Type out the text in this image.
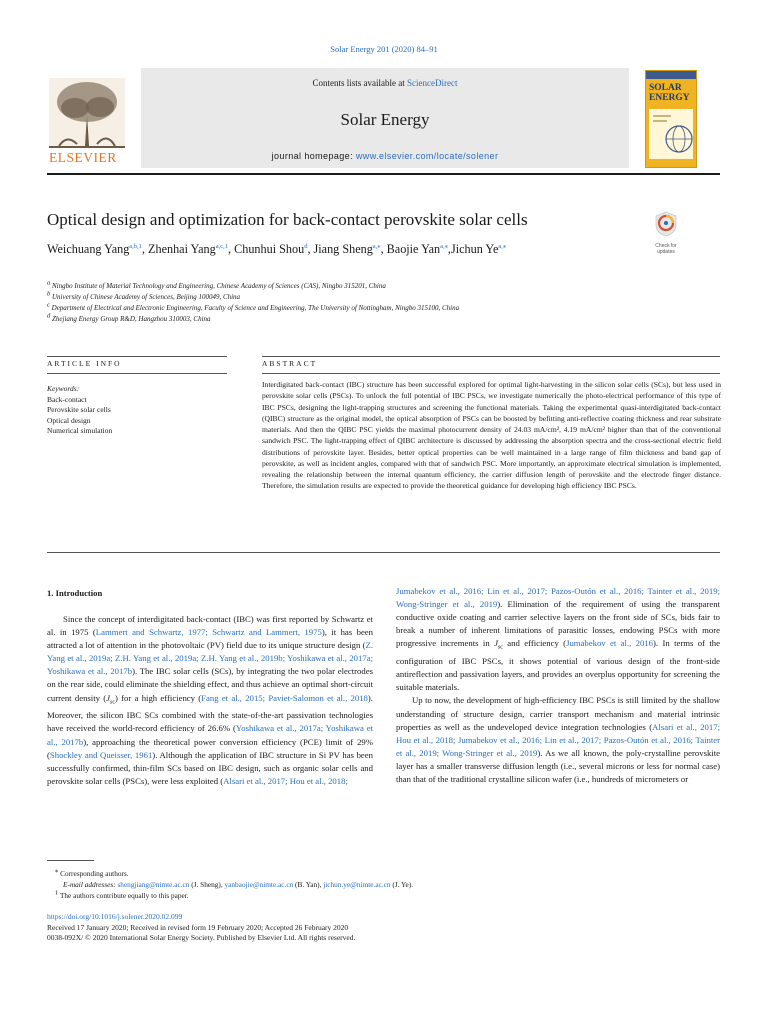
Solar Energy 201 (2020) 84–91
ELSEVIER
Contents lists available at ScienceDirect
Solar Energy
journal homepage: www.elsevier.com/locate/solener
SOLAR
ENERGY
Optical design and optimization for back-contact perovskite solar cells
Check for updates
Weichuang Yang$^{a,b,1}$, Zhenhai Yang$^{a,c,1}$, Chunhui Shou$^d$, Jiang Sheng$^{a,⁎}$, Baojie Yan$^{a,⁎}$,Jichun $Ye^{a,⁎}$
$^a$ Ningbo Institute of Material Technology and Engineering, Chinese Academy of Sciences (CAS), Ningbo 315201, China
$^b$ University of Chinese Academy of Sciences, Beijing 100049, China
$^c$ Department of Electrical and Electronic Engineering, Faculty of Science and Engineering, The University of Nottingham, Ningbo 315100, China
$^d$ Zhejiang Energy Group R&D, Hangzhou 310003, China
ARTICLE INFO	ABSTRACT
Keywords:
Back-contact
Perovskite solar cells
Optical design
Numerical simulation
Interdigitated back-contact (IBC) structure has been successful explored for optimal light-harvesting in the silicon solar cells (SCs), but less used in perovskite solar cells (PSCs). To unlock the full potential of IBC PSCs, we investigate numerically the photo-electrical performance of this type of IBC PSCs, designing the light-trapping structures and screening the functional materials. Taking the experimental quasi-interdigitated back-contact (QIBC) structure as the original model, the optical absorption of PSCs can be boosted by befitting anti-reflective coating thickness and rear substrate materials. And then the QIBC PSC yields the maximal photocurrent density of 24.03 mA/cm², 4.19 mA/cm² higher than that of the conventional sandwich PSC. The light-trapping effect of QIBC architecture is discussed by addressing the absorption spectra and the cross-sectional electric field distributions of perovskite layer. Besides, better optical properties can be well maintained in a large range of film thickness and band gap of perovskite, as well as incident angles, compared with that of sandwich PSC. More importantly, an approximate electrical simulation is implemented, revealing the relationship between the internal quantum efficiency, the carrier diffusion length of perovskite and the electrode finger distance. Therefore, the simulation results are expected to provide the theoretical guidance for developing high efficiency IBC PSCs.
1. Introduction

Since the concept of interdigitated back-contact (IBC) was first reported by Schwartz et al. in 1975 (Lammert and Schwartz, 1977; Schwartz and Lammert, 1975), it has been attracted a lot of attention in the photovoltaic (PV) field due to its unique structure design (Z. Yang et al., 2019a; Z.H. Yang et al., 2019a; Z.H. Yang et al., 2019b; Yoshikawa et al., 2017a; Yoshikawa et al., 2017b). The IBC solar cells (SCs), by integrating the two polar electrodes on the rear side, could eliminate the shielding effect, and thus achieve an optimal short-circuit current density $(J_{sc})$ for a high efficiency (Fang et al., 2015; Paviet-Salomon et al., 2018). Moreover, the silicon IBC SCs combined with the state-of-the-art passivation technologies have received the world-record efficiency of 26.6% (Yoshikawa et al., 2017a; Yoshikawa et al., 2017b), approaching the theoretical power conversion efficiency (PCE) limit of 29% (Shockley and Queisser, 1961). Although the application of IBC structure in Si PV has been successfully confirmed, thin-film SCs based on IBC design, such as organic solar cells and perovskite solar cells (PSCs), were less exploited (Alsari et al., 2017; Hou et al., 2018;

Jumabekov et al., 2016; Lin et al., 2017; Pazos-Outón et al., 2016; Tainter et al., 2019; Wong-Stringer et al., 2019). Elimination of the requirement of using the transparent conductive oxide coating and carrier selective layers on the front side of SCs, bids fair to break a number of inherent limitations of parasitic losses, endowing PSCs with more progressive increments in $J_{sc}$ and efficiency (Jumabekov et al., 2016). In terms of the configuration of IBC PSCs, it shows potential of various design of the front-side antireflection and passivation layers, and provides an overplus opportunity for screening the suitable materials.

Up to now, the development of high-efficiency IBC PSCs is still limited by the shallow understanding of structure design, carrier transport mechanism and material intrinsic properties as well as the undeveloped device integration technologies (Alsari et al., 2017; Hou et al., 2018; Jumabekov et al., 2016; Lin et al., 2017; Pazos-Outón et al., 2016; Tainter et al., 2019; Wong-Stringer et al., 2019). As we all known, the poly-crystalline perovskite layer has a smaller transverse diffusion length (i.e., several microns or less for normal case) than that of the traditional crystalline silicon wafer (i.e., hundreds of micrometers or

⁎ Corresponding authors.
E-mail addresses: shengjiang@nimte.ac.cn (J. Sheng), yanbaojie@nimte.ac.cn (B. Yan), jichun.ye@nimte.ac.cn (J. Ye).
$^1$ The authors contribute equally to this paper.
https://doi.org/10.1016/j.solener.2020.02.099
Received 17 January 2020; Received in revised form 19 February 2020; Accepted 26 February 2020
0038-092X/ © 2020 International Solar Energy Society. Published by Elsevier Ltd. All rights reserved.
